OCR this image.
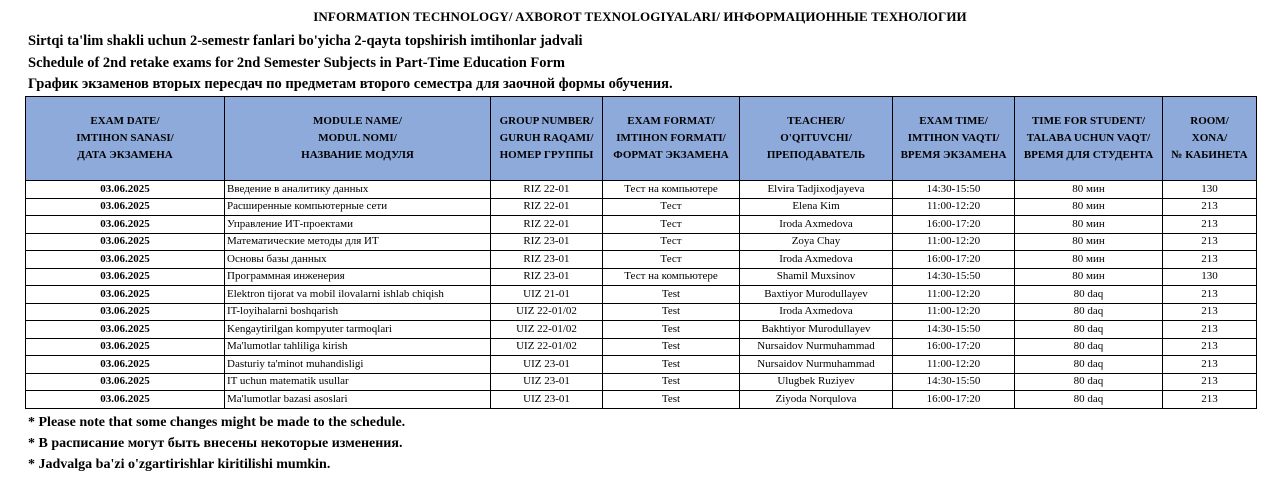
INFORMATION TECHNOLOGY/ AXBOROT TEXNOLOGIYALARI/ ИНФОРМАЦИОННЫЕ ТЕХНОЛОГИИ
Sirtqi ta'lim shakli uchun 2-semestr fanlari bo'yicha 2-qayta topshirish imtihonlar jadvali
Schedule of 2nd retake exams for 2nd Semester Subjects in Part-Time Education Form
График экзаменов вторых пересдач по предметам второго семестра для заочной формы обучения.
EXAM DATE/
IMTIHON SANASI/
ДАТА ЭКЗАМЕНА	MODULE NAME/
MODUL NOMI/
НАЗВАНИЕ МОДУЛЯ	GROUP NUMBER/
GURUH RAQAMI/
НОМЕР ГРУППЫ	EXAM FORMAT/
IMTIHON FORMATI/
ФОРМАТ ЭКЗАМЕНА	TEACHER/
O'QITUVCHI/
ПРЕПОДАВАТЕЛЬ	EXAM TIME/
IMTIHON VAQTI/
ВРЕМЯ ЭКЗАМЕНА	TIME FOR STUDENT/
TALABA UCHUN VAQT/
ВРЕМЯ ДЛЯ СТУДЕНТА	ROOM/
XONA/
№ КАБИНЕТА
03.06.2025	Введение в аналитику данных	RIZ 22-01	Тест на компьютере	Elvira Tadjixodjayeva	14:30-15:50	80 мин	130
03.06.2025	Расширенные компьютерные сети	RIZ 22-01	Тест	Elena Kim	11:00-12:20	80 мин	213
03.06.2025	Управление ИТ-проектами	RIZ 22-01	Тест	Iroda Axmedova	16:00-17:20	80 мин	213
03.06.2025	Математические методы для ИТ	RIZ 23-01	Тест	Zoya Chay	11:00-12:20	80 мин	213
03.06.2025	Основы базы данных	RIZ 23-01	Тест	Iroda Axmedova	16:00-17:20	80 мин	213
03.06.2025	Программная инженерия	RIZ 23-01	Тест на компьютере	Shamil Muxsinov	14:30-15:50	80 мин	130
03.06.2025	Elektron tijorat va mobil ilovalarni ishlab chiqish	UIZ 21-01	Test	Baxtiyor Murodullayev	11:00-12:20	80 daq	213
03.06.2025	IT-loyihalarni boshqarish	UIZ 22-01/02	Test	Iroda Axmedova	11:00-12:20	80 daq	213
03.06.2025	Kengaytirilgan kompyuter tarmoqlari	UIZ 22-01/02	Test	Bakhtiyor Murodullayev	14:30-15:50	80 daq	213
03.06.2025	Ma'lumotlar tahliliga kirish	UIZ 22-01/02	Test	Nursaidov Nurmuhammad	16:00-17:20	80 daq	213
03.06.2025	Dasturiy ta'minot muhandisligi	UIZ 23-01	Test	Nursaidov Nurmuhammad	11:00-12:20	80 daq	213
03.06.2025	IT uchun matematik usullar	UIZ 23-01	Test	Ulugbek Ruziyev	14:30-15:50	80 daq	213
03.06.2025	Ma'lumotlar bazasi asoslari	UIZ 23-01	Test	Ziyoda Norqulova	16:00-17:20	80 daq	213
* Please note that some changes might be made to the schedule.
* В расписание могут быть внесены некоторые изменения.
* Jadvalga ba'zi o'zgartirishlar kiritilishi mumkin.
